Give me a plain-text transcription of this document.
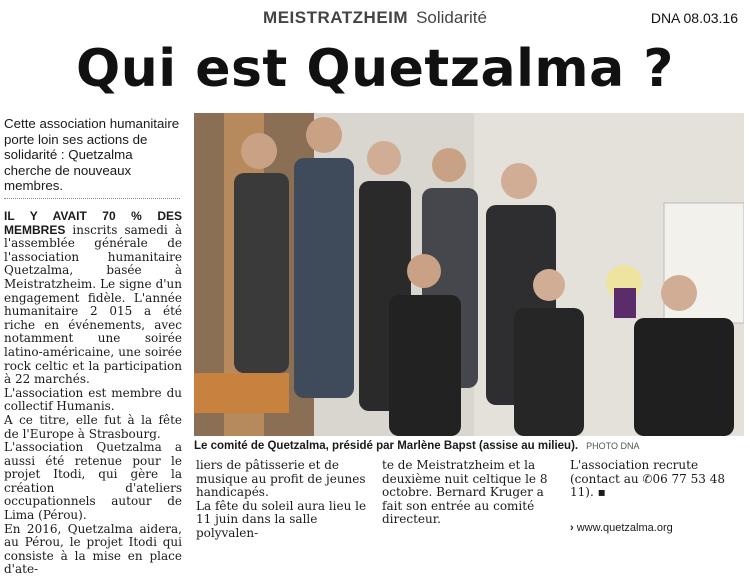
MEISTRATZHEIM Solidarité	DNA 08.03.16
Qui est Quetzalma ?
Cette association humanitaire porte loin ses actions de solidarité : Quetzalma cherche de nouveaux membres.

IL Y AVAIT 70 % DES MEMBRES inscrits samedi à l'assemblée générale de l'association humanitaire Quetzalma, basée à Meistratzheim. Le signe d'un engagement fidèle. L'année humanitaire 2 015 a été riche en événements, avec notamment une soirée latino-américaine, une soirée rock celtic et la participation à 22 marchés.

L'association est membre du collectif Humanis.

A ce titre, elle fut à la fête de l'Europe à Strasbourg.

L'association Quetzalma a aussi été retenue pour le projet Itodi, qui gère la création d'ateliers occupationnels autour de Lima (Pérou).

En 2016, Quetzalma aidera, au Pérou, le projet Itodi qui consiste à la mise en place d'ate-

Le comité de Quetzalma, présidé par Marlène Bapst (assise au milieu). PHOTO DNA

liers de pâtisserie et de musique au profit de jeunes handicapés.

La fête du soleil aura lieu le 11 juin dans la salle polyvalen-

te de Meistratzheim et la deuxième nuit celtique le 8 octobre. Bernard Kruger a fait son entrée au comité directeur.

L'association recrute (contact au ✆06 77 53 48 11). ▪

› www.quetzalma.org
